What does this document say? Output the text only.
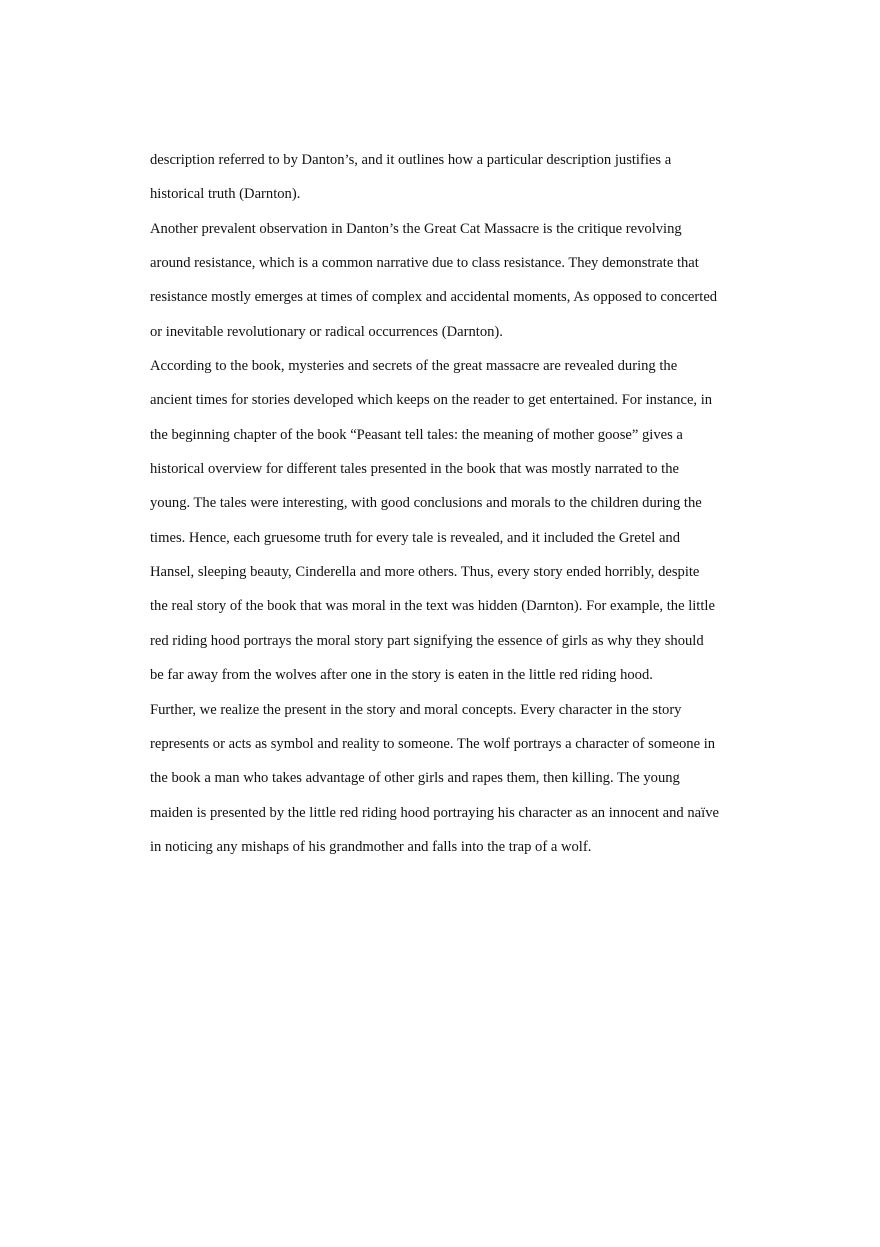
description referred to by Danton’s, and it outlines how a particular description justifies a
historical truth (Darnton).
Another prevalent observation in Danton’s the Great Cat Massacre is the critique revolving
around resistance, which is a common narrative due to class resistance. They demonstrate that
resistance mostly emerges at times of complex and accidental moments, As opposed to concerted
or inevitable revolutionary or radical occurrences (Darnton).
According to the book, mysteries and secrets of the great massacre are revealed during the
ancient times for stories developed which keeps on the reader to get entertained. For instance, in
the beginning chapter of the book “Peasant tell tales: the meaning of mother goose” gives a
historical overview for different tales presented in the book that was mostly narrated to the
young. The tales were interesting, with good conclusions and morals to the children during the
times. Hence, each gruesome truth for every tale is revealed, and it included the Gretel and
Hansel, sleeping beauty, Cinderella and more others. Thus, every story ended horribly, despite
the real story of the book that was moral in the text was hidden (Darnton). For example, the little
red riding hood portrays the moral story part signifying the essence of girls as why they should
be far away from the wolves after one in the story is eaten in the little red riding hood.
Further, we realize the present in the story and moral concepts. Every character in the story
represents or acts as symbol and reality to someone. The wolf portrays a character of someone in
the book a man who takes advantage of other girls and rapes them, then killing. The young
maiden is presented by the little red riding hood portraying his character as an innocent and naïve
in noticing any mishaps of his grandmother and falls into the trap of a wolf.
